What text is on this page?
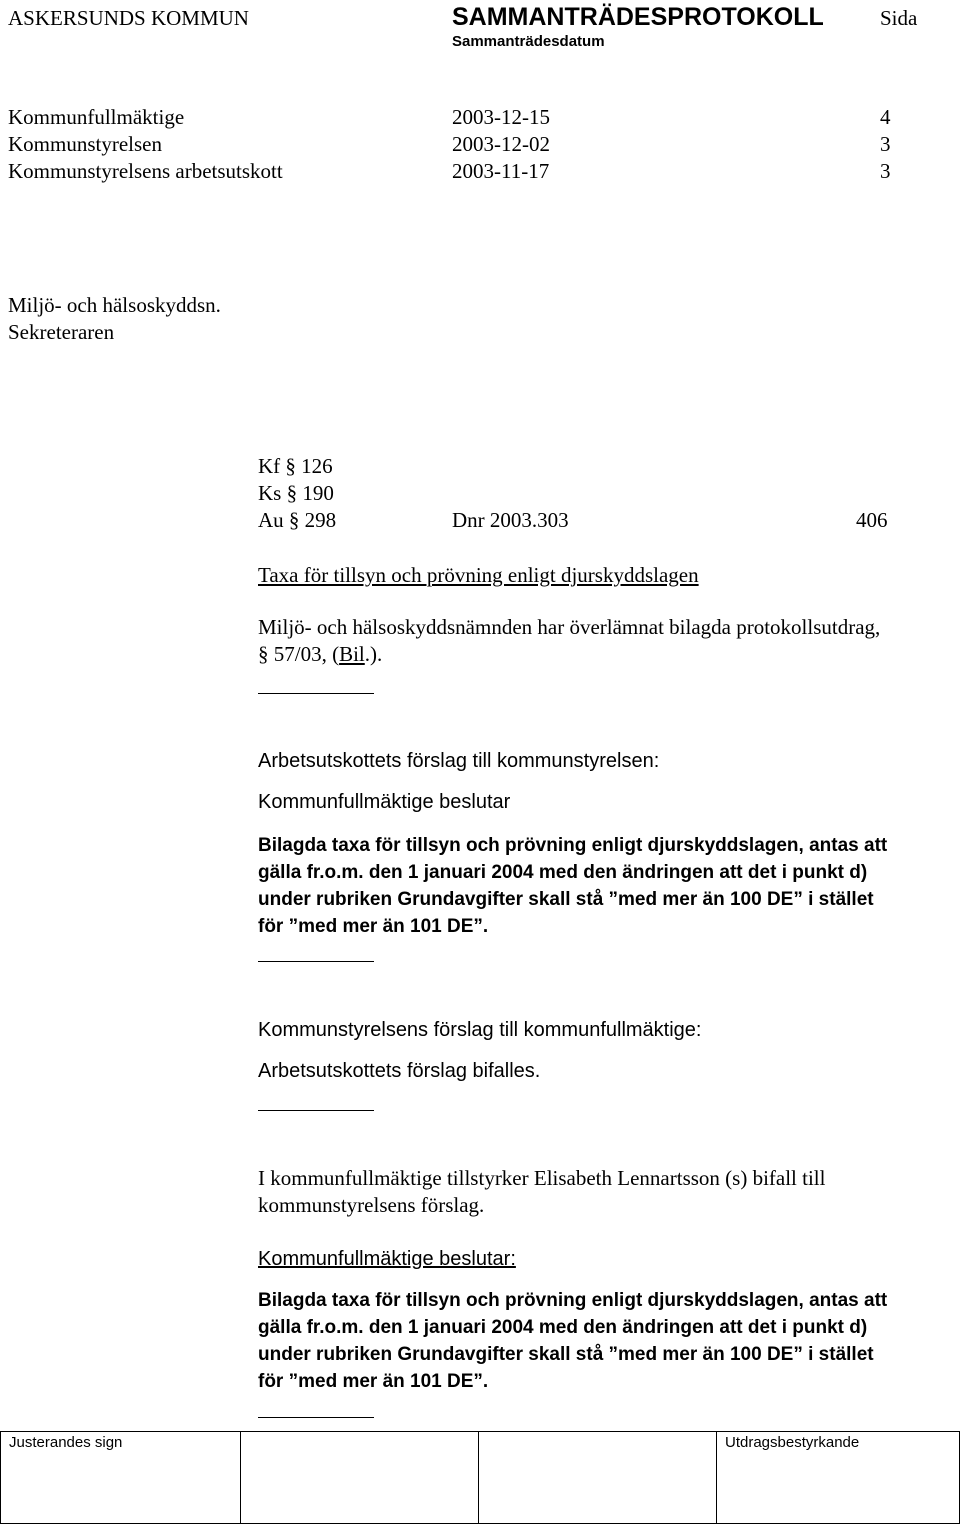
ASKERSUNDS KOMMUN	SAMMANTRÄDESPROTOKOLL	Sida
Sammanträdesdatum
Kommunfullmäktige	2003-12-15	4
Kommunstyrelsen	2003-12-02	3
Kommunstyrelsens arbetsutskott	2003-11-17	3
Miljö- och hälsoskyddsn.
Sekreteraren
Kf § 126
Ks § 190
Au § 298	Dnr 2003.303	406
Taxa för tillsyn och prövning enligt djurskyddslagen
Miljö- och hälsoskyddsnämnden har överlämnat bilagda protokollsutdrag,
§ 57/03, (Bil.).
Arbetsutskottets förslag till kommunstyrelsen:
Kommunfullmäktige beslutar
Bilagda taxa för tillsyn och prövning enligt djurskyddslagen, antas att
gälla fr.o.m. den 1 januari 2004 med den ändringen att det i punkt d)
under rubriken Grundavgifter skall stå ”med mer än 100 DE” i stället
för ”med mer än 101 DE”.
Kommunstyrelsens förslag till kommunfullmäktige:
Arbetsutskottets förslag bifalles.
I kommunfullmäktige tillstyrker Elisabeth Lennartsson (s) bifall till
kommunstyrelsens förslag.
Kommunfullmäktige beslutar:
Bilagda taxa för tillsyn och prövning enligt djurskyddslagen, antas att
gälla fr.o.m. den 1 januari 2004 med den ändringen att det i punkt d)
under rubriken Grundavgifter skall stå ”med mer än 100 DE” i stället
för ”med mer än 101 DE”.
Justerandes sign	Utdragsbestyrkande
